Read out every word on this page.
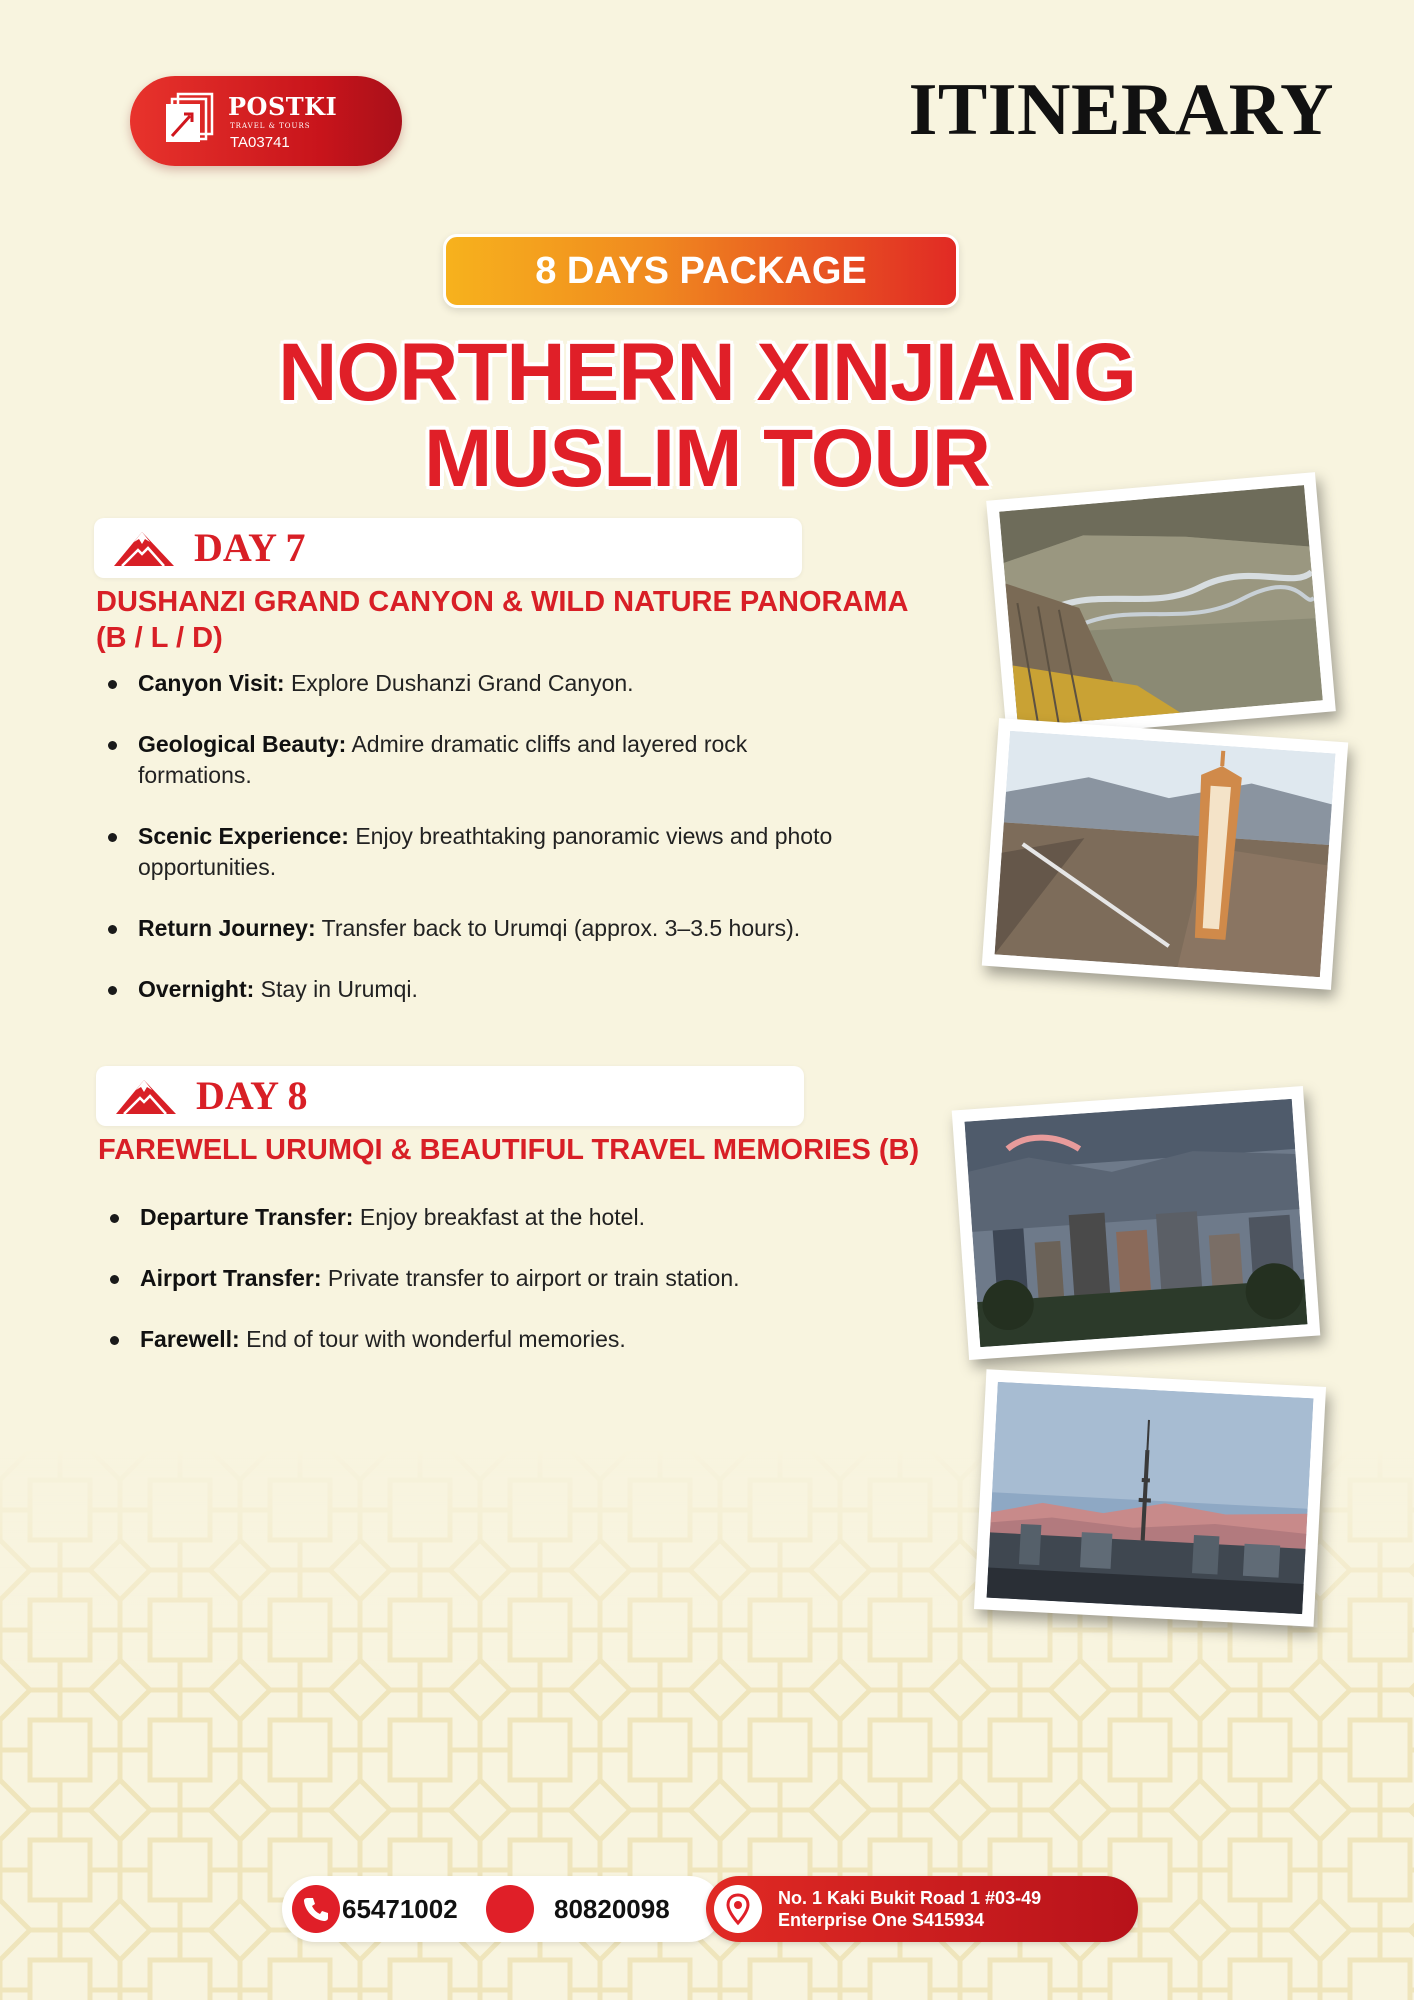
POSTKI
TRAVEL & TOURS
TA03741	ITINERARY
8 DAYS PACKAGE
NORTHERN XINJIANG
MUSLIM TOUR
DAY 7
DUSHANZI GRAND CANYON & WILD NATURE PANORAMA
(B / L / D)
Canyon Visit: Explore Dushanzi Grand Canyon.
Geological Beauty: Admire dramatic cliffs and layered rock formations.
Scenic Experience: Enjoy breathtaking panoramic views and photo opportunities.
Return Journey: Transfer back to Urumqi (approx. 3–3.5 hours).
Overnight: Stay in Urumqi.
DAY 8
FAREWELL URUMQI & BEAUTIFUL TRAVEL MEMORIES (B)
Departure Transfer: Enjoy breakfast at the hotel.
Airport Transfer: Private transfer to airport or train station.
Farewell: End of tour with wonderful memories.
65471002	80820098	No. 1 Kaki Bukit Road 1 #03-49
Enterprise One S415934
